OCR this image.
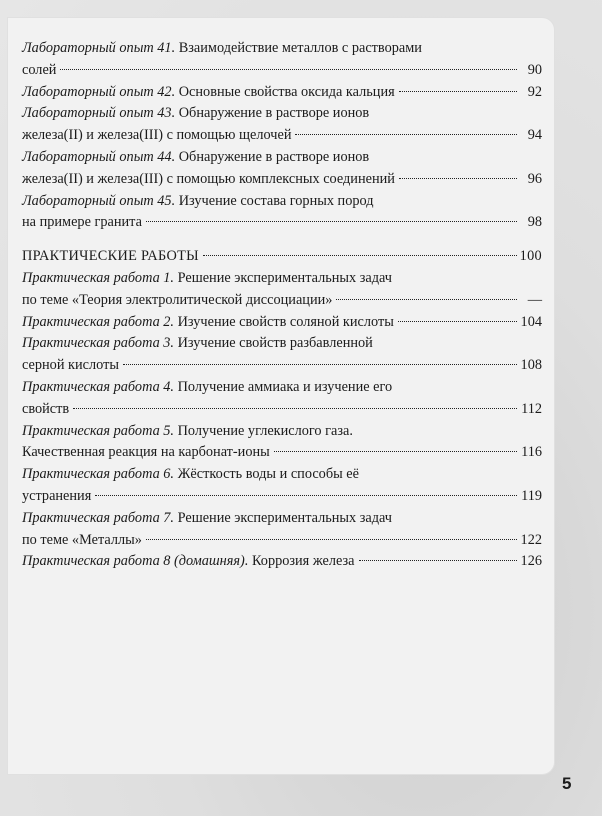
Лабораторный опыт 41.
Взаимодействие металлов с растворами
солей	90
Лабораторный опыт 42.
Основные свойства оксида кальция	92
Лабораторный опыт 43.
Обнаружение в растворе ионов
железа(II) и железа(III) с помощью щелочей	94
Лабораторный опыт 44.
Обнаружение в растворе ионов
железа(II) и железа(III) с помощью комплексных соединений	96
Лабораторный опыт 45.
Изучение состава горных пород
на примере гранита	98
ПРАКТИЧЕСКИЕ РАБОТЫ	100
Практическая работа 1.
Решение экспериментальных задач
по теме «Теория электролитической диссоциации»	—
Практическая работа 2.
Изучение свойств соляной кислоты	104
Практическая работа 3.
Изучение свойств разбавленной
серной кислоты	108
Практическая работа 4.
Получение аммиака и изучение его
свойств	112
Практическая работа 5.
Получение углекислого газа.
Качественная реакция на карбонат-ионы	116
Практическая работа 6.
Жёсткость воды и способы её
устранения	119
Практическая работа 7.
Решение экспериментальных задач
по теме «Металлы»	122
Практическая работа 8 (домашняя).
Коррозия железа	126
5
